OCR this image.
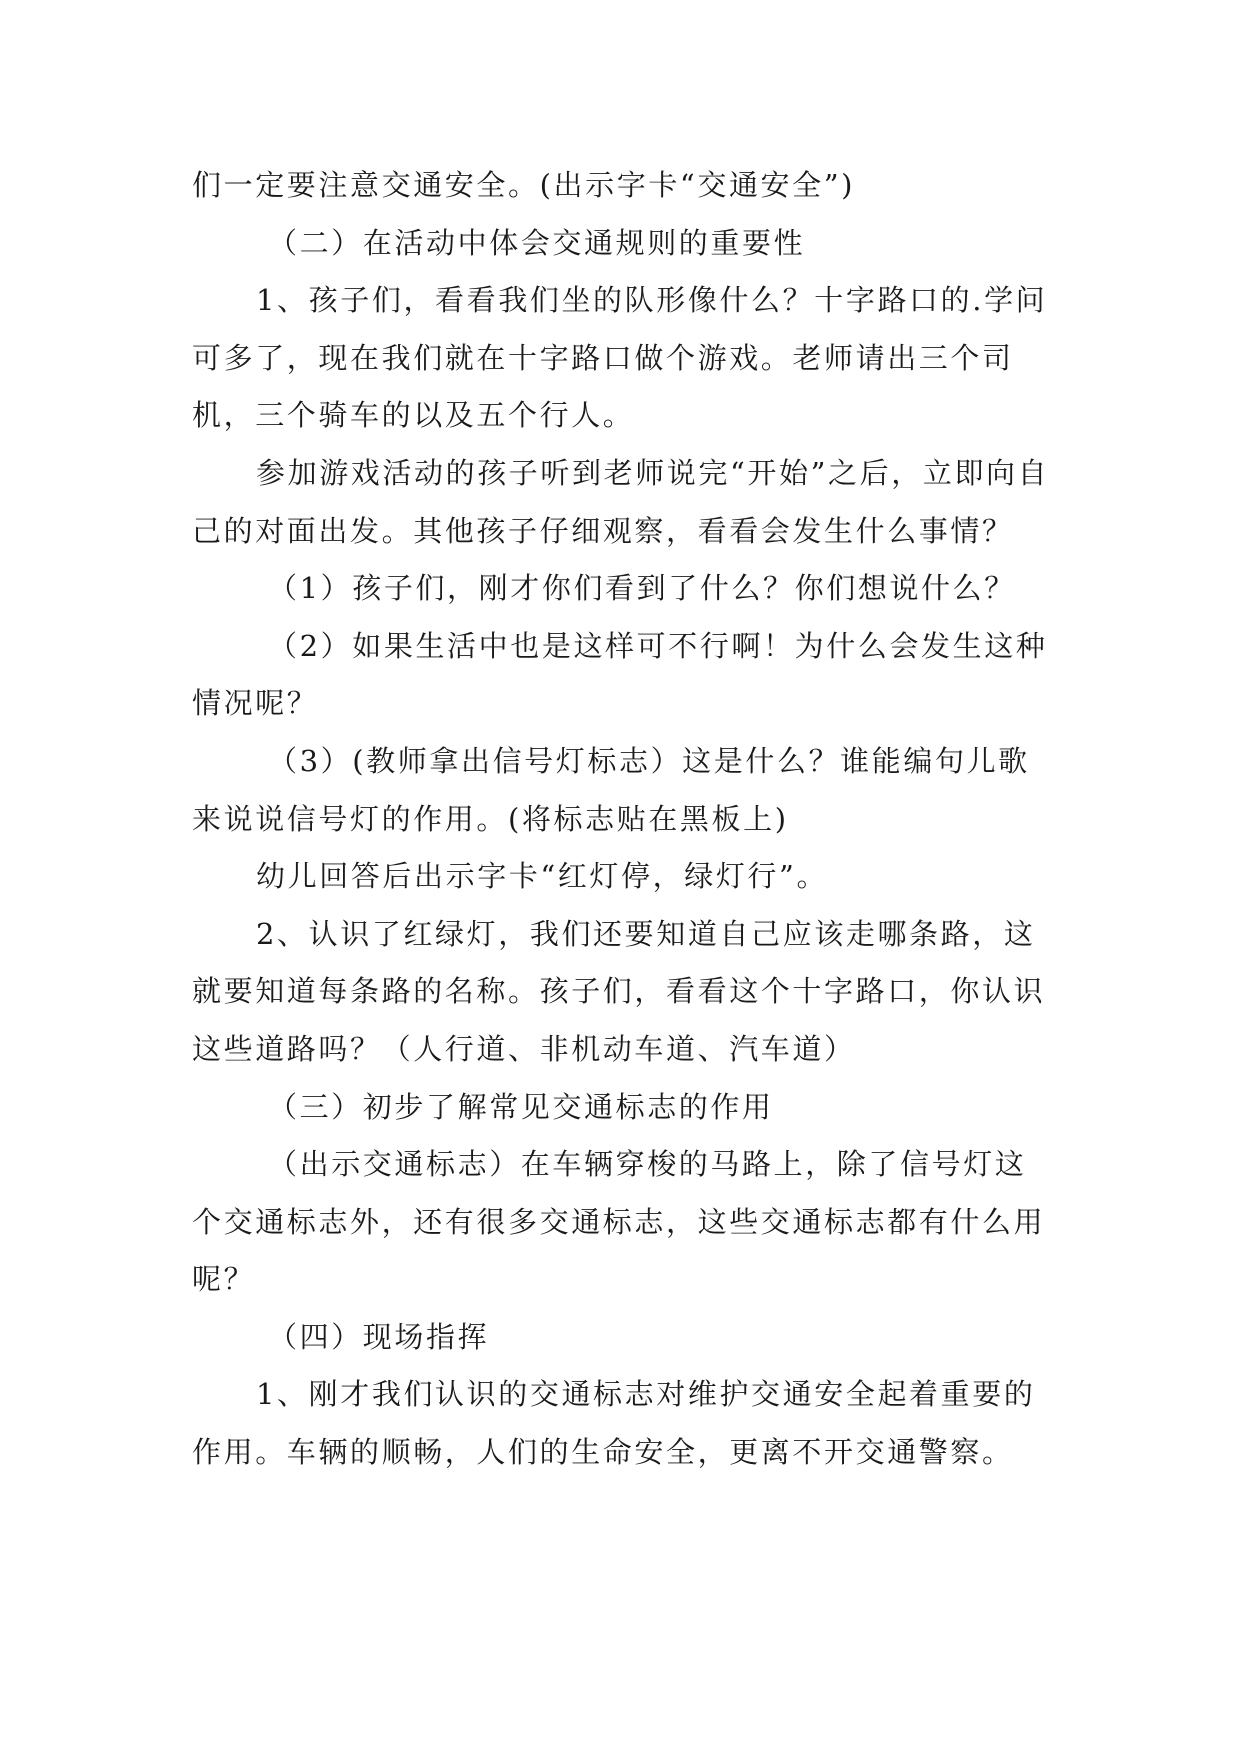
们一定要注意交通安全。(出示字卡“交通安全”)

（二）在活动中体会交通规则的重要性

1、孩子们，看看我们坐的队形像什么？十字路口的.学问可多了，现在我们就在十字路口做个游戏。老师请出三个司机，三个骑车的以及五个行人。

参加游戏活动的孩子听到老师说完“开始”之后，立即向自己的对面出发。其他孩子仔细观察，看看会发生什么事情？

（1）孩子们，刚才你们看到了什么？你们想说什么？

（2）如果生活中也是这样可不行啊！为什么会发生这种情况呢？

（3）(教师拿出信号灯标志）这是什么？谁能编句儿歌来说说信号灯的作用。(将标志贴在黑板上)

幼儿回答后出示字卡“红灯停，绿灯行”。

2、认识了红绿灯，我们还要知道自己应该走哪条路，这就要知道每条路的名称。孩子们，看看这个十字路口，你认识这些道路吗？（人行道、非机动车道、汽车道）

（三）初步了解常见交通标志的作用

（出示交通标志）在车辆穿梭的马路上，除了信号灯这个交通标志外，还有很多交通标志，这些交通标志都有什么用呢？

（四）现场指挥

1、刚才我们认识的交通标志对维护交通安全起着重要的作用。车辆的顺畅，人们的生命安全，更离不开交通警察。
